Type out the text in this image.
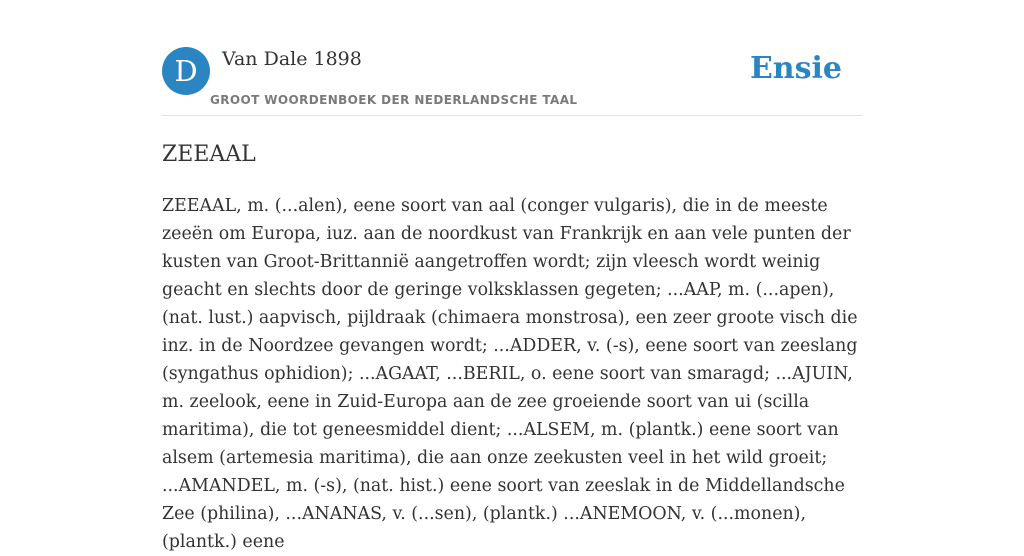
D	Van Dale 1898
GROOT WOORDENBOEK DER NEDERLANDSCHE TAAL
Ensie
ZEEAAL

ZEEAAL, m. (...alen), eene soort van aal (conger vulgaris), die in de meeste zeeën om Europa, iuz. aan de noordkust van Frankrijk en aan vele punten der kusten van Groot-Brittannië aangetroffen wordt; zijn vleesch wordt weinig geacht en slechts door de geringe volksklassen gegeten; ...AAP, m. (...apen), (nat. lust.) aapvisch, pijldraak (chimaera monstrosa), een zeer groote visch die inz. in de Noordzee gevangen wordt; ...ADDER, v. (-s), eene soort van zeeslang (syngathus ophidion); ...AGAAT, ...BERIL, o. eene soort van smaragd; ...AJUIN, m. zeelook, eene in Zuid-Europa aan de zee groeiende soort van ui (scilla maritima), die tot geneesmiddel dient; ...ALSEM, m. (plantk.) eene soort van alsem (artemesia maritima), die aan onze zeekusten veel in het wild groeit; ...AMANDEL, m. (-s), (nat. hist.) eene soort van zeeslak in de Middellandsche Zee (philina), ...ANANAS, v. (...sen), (plantk.) ...ANEMOON, v. (...monen), (plantk.) eene
